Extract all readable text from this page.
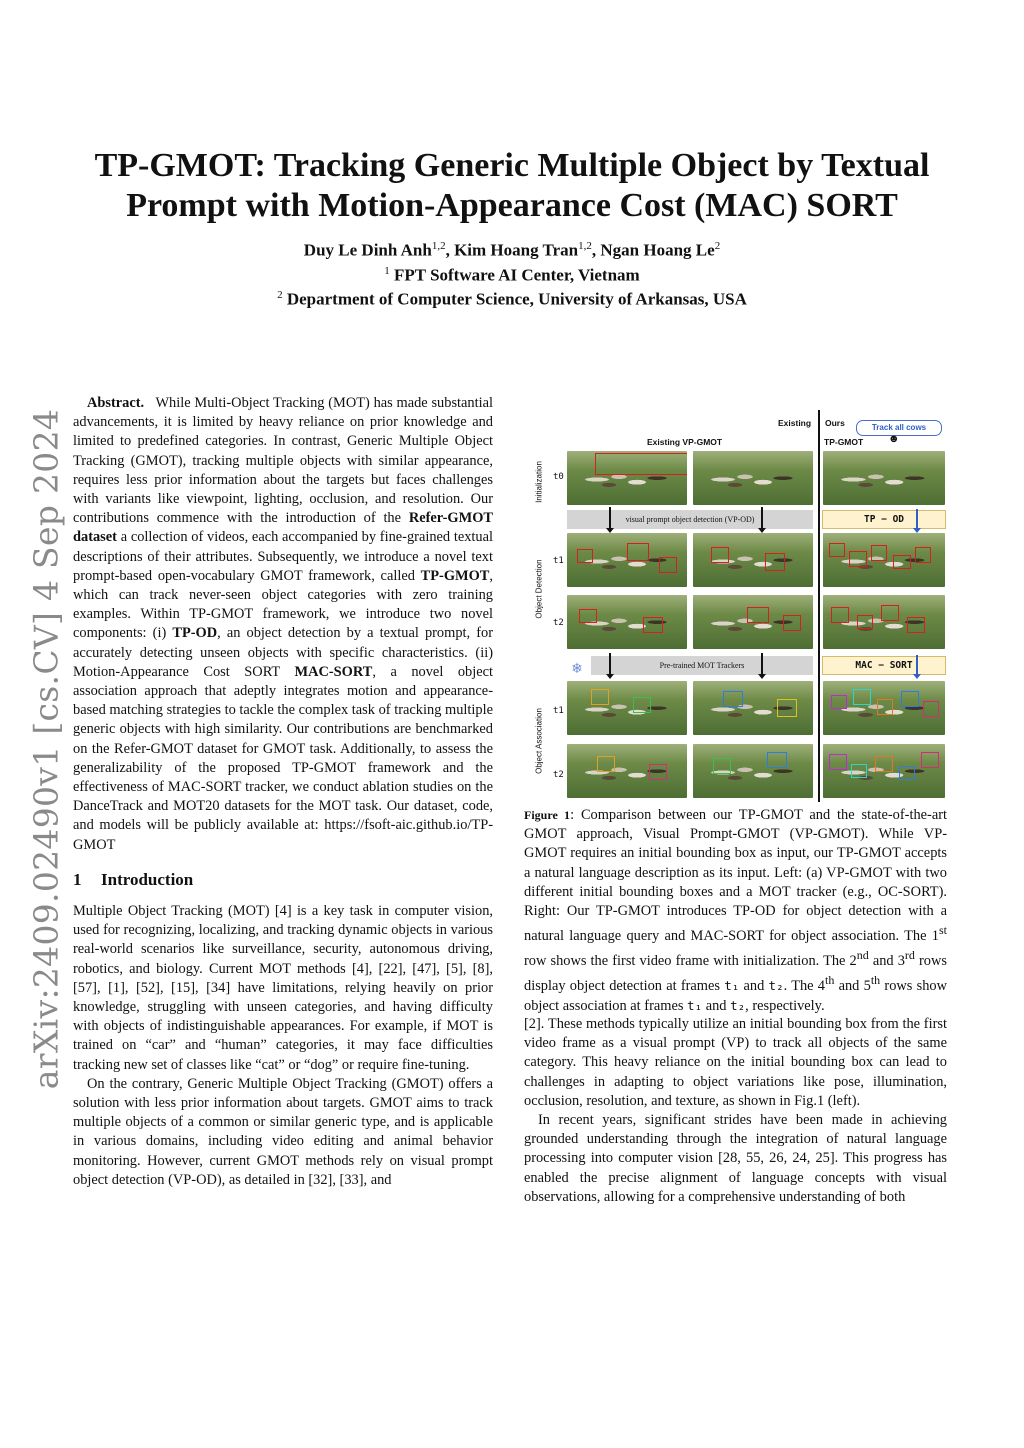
arXiv:2409.02490v1 [cs.CV] 4 Sep 2024
TP-GMOT: Tracking Generic Multiple Object by Textual
Prompt with Motion-Appearance Cost (MAC) SORT
Duy Le Dinh Anh$^{1,2}$, Kim Hoang Tran$^{1,2}$, Ngan Hoang Le$^2$
$^1$ FPT Software AI Center, Vietnam
$^2$ Department of Computer Science, University of Arkansas, USA

Abstract. While Multi-Object Tracking (MOT) has made substantial advancements, it is limited by heavy reliance on prior knowledge and limited to predefined categories. In contrast, Generic Multiple Object Tracking (GMOT), tracking multiple objects with similar appearance, requires less prior information about the targets but faces challenges with variants like viewpoint, lighting, occlusion, and resolution. Our contributions commence with the introduction of the Refer-GMOT dataset a collection of videos, each accompanied by fine-grained textual descriptions of their attributes. Subsequently, we introduce a novel text prompt-based open-vocabulary GMOT framework, called TP-GMOT, which can track never-seen object categories with zero training examples. Within TP-GMOT framework, we introduce two novel components: (i) TP-OD, an object detection by a textual prompt, for accurately detecting unseen objects with specific characteristics. (ii) Motion-Appearance Cost SORT MAC-SORT, a novel object association approach that adeptly integrates motion and appearance-based matching strategies to tackle the complex task of tracking multiple generic objects with high similarity. Our contributions are benchmarked on the Refer-GMOT dataset for GMOT task. Additionally, to assess the generalizability of the proposed TP-GMOT framework and the effectiveness of MAC-SORT tracker, we conduct ablation studies on the DanceTrack and MOT20 datasets for the MOT task. Our dataset, code, and models will be publicly available at: https://fsoft-aic.github.io/TP-GMOT

1 Introduction

Multiple Object Tracking (MOT) [4] is a key task in computer vision, used for recognizing, localizing, and tracking dynamic objects in various real-world scenarios like surveillance, security, autonomous driving, robotics, and biology. Current MOT methods [4], [22], [47], [5], [8], [57], [1], [52], [15], [34] have limitations, relying heavily on prior knowledge, struggling with unseen categories, and having difficulty with objects of indistinguishable appearances. For example, if MOT is trained on “car” and “human” categories, it may face difficulties tracking new set of classes like “cat” or “dog” or require fine-tuning.

On the contrary, Generic Multiple Object Tracking (GMOT) offers a solution with less prior information about targets. GMOT aims to track multiple objects of a common or similar generic type, and is applicable in various domains, including video editing and animal behavior monitoring. However, current GMOT methods rely on visual prompt object detection (VP-OD), as detailed in [32], [33], and

Existing Ours	Track all cows
Existing VP-GMOT	TP-GMOT ☻
Initialization
Object Detection
Object Association
t0
t1
t2
t1
t2
visual prompt object detection (VP-OD)	TP − OD
❄	Pre-trained MOT Trackers	MAC − SORT
Figure 1: Comparison between our TP-GMOT and the state-of-the-art GMOT approach, Visual Prompt-GMOT (VP-GMOT). While VP-GMOT requires an initial bounding box as input, our TP-GMOT accepts a natural language description as its input. Left: (a) VP-GMOT with two different initial bounding boxes and a MOT tracker (e.g., OC-SORT). Right: Our TP-GMOT introduces TP-OD for object detection with a natural language query and MAC-SORT for object association. The 1st row shows the first video frame with initialization. The 2nd and 3rd rows display object detection at frames t₁ and t₂. The 4th and 5th rows show object association at frames t₁ and t₂, respectively.

[2]. These methods typically utilize an initial bounding box from the first video frame as a visual prompt (VP) to track all objects of the same category. This heavy reliance on the initial bounding box can lead to challenges in adapting to object variations like pose, illumination, occlusion, resolution, and texture, as shown in Fig.1 (left).

In recent years, significant strides have been made in achieving grounded understanding through the integration of natural language processing into computer vision [28, 55, 26, 24, 25]. This progress has enabled the precise alignment of language concepts with visual observations, allowing for a comprehensive understanding of both
